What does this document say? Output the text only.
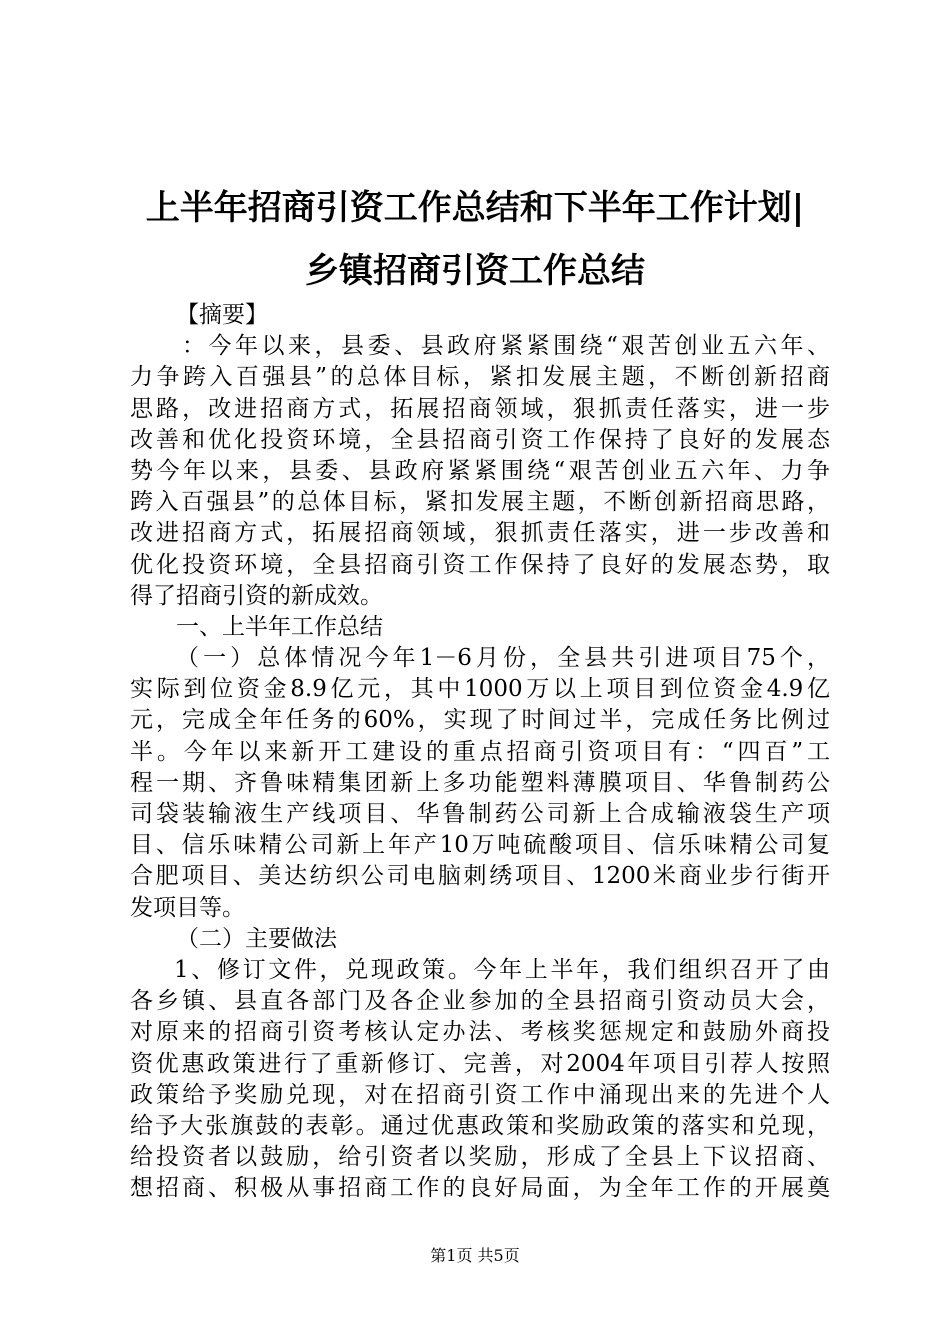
上半年招商引资工作总结和下半年工作计划|
乡镇招商引资工作总结
【摘要】
：今年以来，县委、县政府紧紧围绕“艰苦创业五六年、
力争跨入百强县”的总体目标，紧扣发展主题，不断创新招商
思路，改进招商方式，拓展招商领域，狠抓责任落实，进一步
改善和优化投资环境，全县招商引资工作保持了良好的发展态
势今年以来，县委、县政府紧紧围绕“艰苦创业五六年、力争
跨入百强县”的总体目标，紧扣发展主题，不断创新招商思路，
改进招商方式，拓展招商领域，狠抓责任落实，进一步改善和
优化投资环境，全县招商引资工作保持了良好的发展态势，取
得了招商引资的新成效。
一、上半年工作总结
（一）总体情况今年1－6月份，全县共引进项目75个，
实际到位资金8.9亿元，其中1000万以上项目到位资金4.9亿
元，完成全年任务的60%，实现了时间过半，完成任务比例过
半。今年以来新开工建设的重点招商引资项目有：“四百”工
程一期、齐鲁味精集团新上多功能塑料薄膜项目、华鲁制药公
司袋装输液生产线项目、华鲁制药公司新上合成输液袋生产项
目、信乐味精公司新上年产10万吨硫酸项目、信乐味精公司复
合肥项目、美达纺织公司电脑刺绣项目、1200米商业步行街开
发项目等。
（二）主要做法
1、修订文件，兑现政策。今年上半年，我们组织召开了由
各乡镇、县直各部门及各企业参加的全县招商引资动员大会，
对原来的招商引资考核认定办法、考核奖惩规定和鼓励外商投
资优惠政策进行了重新修订、完善，对2004年项目引荐人按照
政策给予奖励兑现，对在招商引资工作中涌现出来的先进个人
给予大张旗鼓的表彰。通过优惠政策和奖励政策的落实和兑现，
给投资者以鼓励，给引资者以奖励，形成了全县上下议招商、
想招商、积极从事招商工作的良好局面，为全年工作的开展奠
第1页 共5页
